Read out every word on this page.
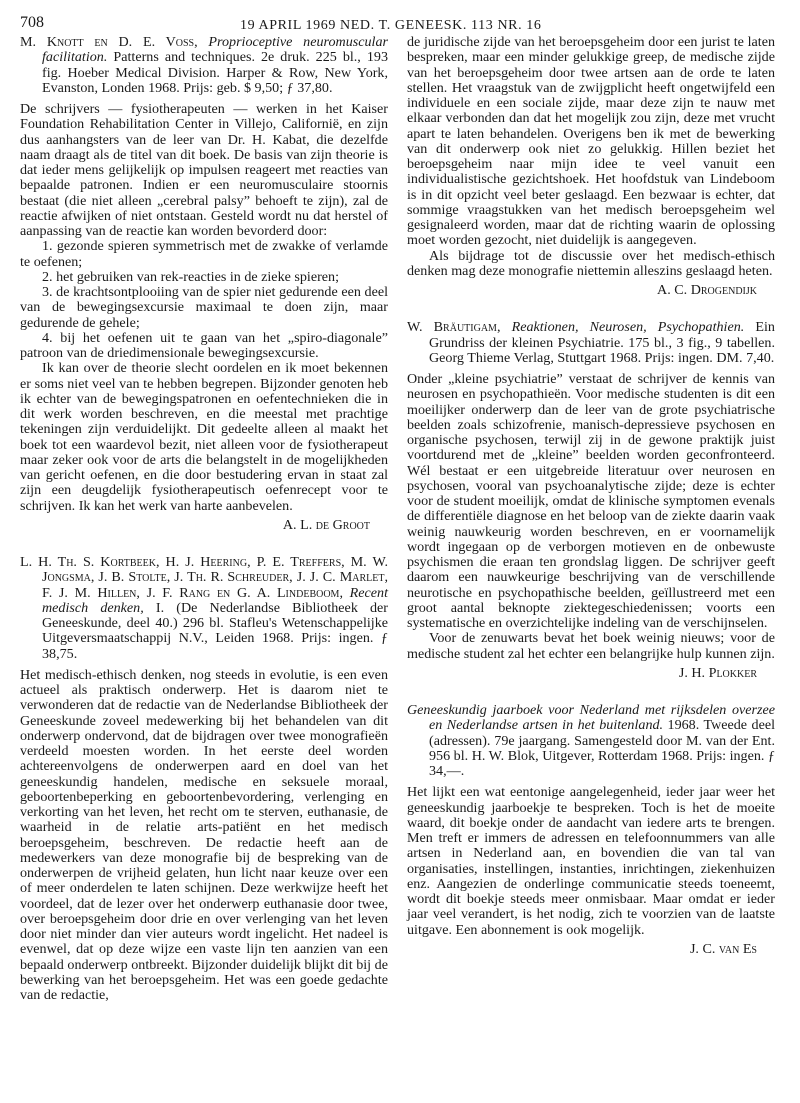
708	19 APRIL 1969 NED. T. GENEESK. 113 NR. 16

M. Knott en D. E. Voss, Proprioceptive neuromuscular facilitation. Patterns and techniques. 2e druk. 225 bl., 193 fig. Hoeber Medical Division. Harper & Row, New York, Evanston, Londen 1968. Prijs: geb. $ 9,50; ƒ 37,80.

De schrijvers — fysiotherapeuten — werken in het Kaiser Foundation Rehabilitation Center in Villejo, Californië, en zijn dus aanhangsters van de leer van Dr. H. Kabat, die dezelfde naam draagt als de titel van dit boek. De basis van zijn theorie is dat ieder mens gelijkelijk op impulsen reageert met reacties van bepaalde patronen. Indien er een neuromusculaire stoornis bestaat (die niet alleen „cerebral palsy” behoeft te zijn), zal de reactie afwijken of niet ontstaan. Gesteld wordt nu dat herstel of aanpassing van de reactie kan worden bevorderd door:

1. gezonde spieren symmetrisch met de zwakke of verlamde te oefenen;

2. het gebruiken van rek-reacties in de zieke spieren;

3. de krachtsontplooiing van de spier niet gedurende een deel van de bewegingsexcursie maximaal te doen zijn, maar gedurende de gehele;

4. bij het oefenen uit te gaan van het „spiro-diagonale” patroon van de driedimensionale bewegingsexcursie.

Ik kan over de theorie slecht oordelen en ik moet bekennen er soms niet veel van te hebben begrepen. Bijzonder genoten heb ik echter van de bewegingspatronen en oefentechnieken die in dit werk worden beschreven, en die meestal met prachtige tekeningen zijn verduidelijkt. Dit gedeelte alleen al maakt het boek tot een waardevol bezit, niet alleen voor de fysiotherapeut maar zeker ook voor de arts die belangstelt in de mogelijkheden van gericht oefenen, en die door bestudering ervan in staat zal zijn een deugdelijk fysiotherapeutisch oefenrecept voor te schrijven. Ik kan het werk van harte aanbevelen.

A. L. de Groot

L. H. Th. S. Kortbeek, H. J. Heering, P. E. Treffers, M. W. Jongsma, J. B. Stolte, J. Th. R. Schreuder, J. J. C. Marlet, F. J. M. Hillen, J. F. Rang en G. A. Lindeboom, Recent medisch denken, I. (De Nederlandse Bibliotheek der Geneeskunde, deel 40.) 296 bl. Stafleu's Wetenschappelijke Uitgeversmaatschappij N.V., Leiden 1968. Prijs: ingen. ƒ 38,75.

Het medisch-ethisch denken, nog steeds in evolutie, is een even actueel als praktisch onderwerp. Het is daarom niet te verwonderen dat de redactie van de Nederlandse Bibliotheek der Geneeskunde zoveel medewerking bij het behandelen van dit onderwerp ondervond, dat de bijdragen over twee monografieën verdeeld moesten worden. In het eerste deel worden achtereenvolgens de onderwerpen aard en doel van het geneeskundig handelen, medische en seksuele moraal, geboortenbeperking en geboortenbevordering, verlenging en verkorting van het leven, het recht om te sterven, euthanasie, de waarheid in de relatie arts-patiënt en het medisch beroepsgeheim, beschreven. De redactie heeft aan de medewerkers van deze monografie bij de bespreking van de onderwerpen de vrijheid gelaten, hun licht naar keuze over een of meer onderdelen te laten schijnen. Deze werkwijze heeft het voordeel, dat de lezer over het onderwerp euthanasie door twee, over beroepsgeheim door drie en over verlenging van het leven door niet minder dan vier auteurs wordt ingelicht. Het nadeel is evenwel, dat op deze wijze een vaste lijn ten aanzien van een bepaald onderwerp ontbreekt. Bijzonder duidelijk blijkt dit bij de bewerking van het beroepsgeheim. Het was een goede gedachte van de redactie,

de juridische zijde van het beroepsgeheim door een jurist te laten bespreken, maar een minder gelukkige greep, de medische zijde van het beroepsgeheim door twee artsen aan de orde te laten stellen. Het vraagstuk van de zwijgplicht heeft ongetwijfeld een individuele en een sociale zijde, maar deze zijn te nauw met elkaar verbonden dan dat het mogelijk zou zijn, deze met vrucht apart te laten behandelen. Overigens ben ik met de bewerking van dit onderwerp ook niet zo gelukkig. Hillen beziet het beroepsgeheim naar mijn idee te veel vanuit een individualistische gezichtshoek. Het hoofdstuk van Lindeboom is in dit opzicht veel beter geslaagd. Een bezwaar is echter, dat sommige vraagstukken van het medisch beroepsgeheim wel gesignaleerd worden, maar dat de richting waarin de oplossing moet worden gezocht, niet duidelijk is aangegeven.

Als bijdrage tot de discussie over het medisch-ethisch denken mag deze monografie niettemin alleszins geslaagd heten.

A. C. Drogendijk

W. Bräutigam, Reaktionen, Neurosen, Psychopathien. Ein Grundriss der kleinen Psychiatrie. 175 bl., 3 fig., 9 tabellen. Georg Thieme Verlag, Stuttgart 1968. Prijs: ingen. DM. 7,40.

Onder „kleine psychiatrie” verstaat de schrijver de kennis van neurosen en psychopathieën. Voor medische studenten is dit een moeilijker onderwerp dan de leer van de grote psychiatrische beelden zoals schizofrenie, manisch-depressieve psychosen en organische psychosen, terwijl zij in de gewone praktijk juist voortdurend met de „kleine” beelden worden geconfronteerd. Wél bestaat er een uitgebreide literatuur over neurosen en psychosen, vooral van psychoanalytische zijde; deze is echter voor de student moeilijk, omdat de klinische symptomen evenals de differentiële diagnose en het beloop van de ziekte daarin vaak weinig nauwkeurig worden beschreven, en er voornamelijk wordt ingegaan op de verborgen motieven en de onbewuste psychismen die eraan ten grondslag liggen. De schrijver geeft daarom een nauwkeurige beschrijving van de verschillende neurotische en psychopathische beelden, geïllustreerd met een groot aantal beknopte ziektegeschiedenissen; voorts een systematische en overzichtelijke indeling van de verschijnselen.

Voor de zenuwarts bevat het boek weinig nieuws; voor de medische student zal het echter een belangrijke hulp kunnen zijn.

J. H. Plokker

Geneeskundig jaarboek voor Nederland met rijksdelen overzee en Nederlandse artsen in het buitenland. 1968. Tweede deel (adressen). 79e jaargang. Samengesteld door M. van der Ent. 956 bl. H. W. Blok, Uitgever, Rotterdam 1968. Prijs: ingen. ƒ 34,—.

Het lijkt een wat eentonige aangelegenheid, ieder jaar weer het geneeskundig jaarboekje te bespreken. Toch is het de moeite waard, dit boekje onder de aandacht van iedere arts te brengen. Men treft er immers de adressen en telefoonnummers van alle artsen in Nederland aan, en bovendien die van tal van organisaties, instellingen, instanties, inrichtingen, ziekenhuizen enz. Aangezien de onderlinge communicatie steeds toeneemt, wordt dit boekje steeds meer onmisbaar. Maar omdat er ieder jaar veel verandert, is het nodig, zich te voorzien van de laatste uitgave. Een abonnement is ook mogelijk.

J. C. van Es
